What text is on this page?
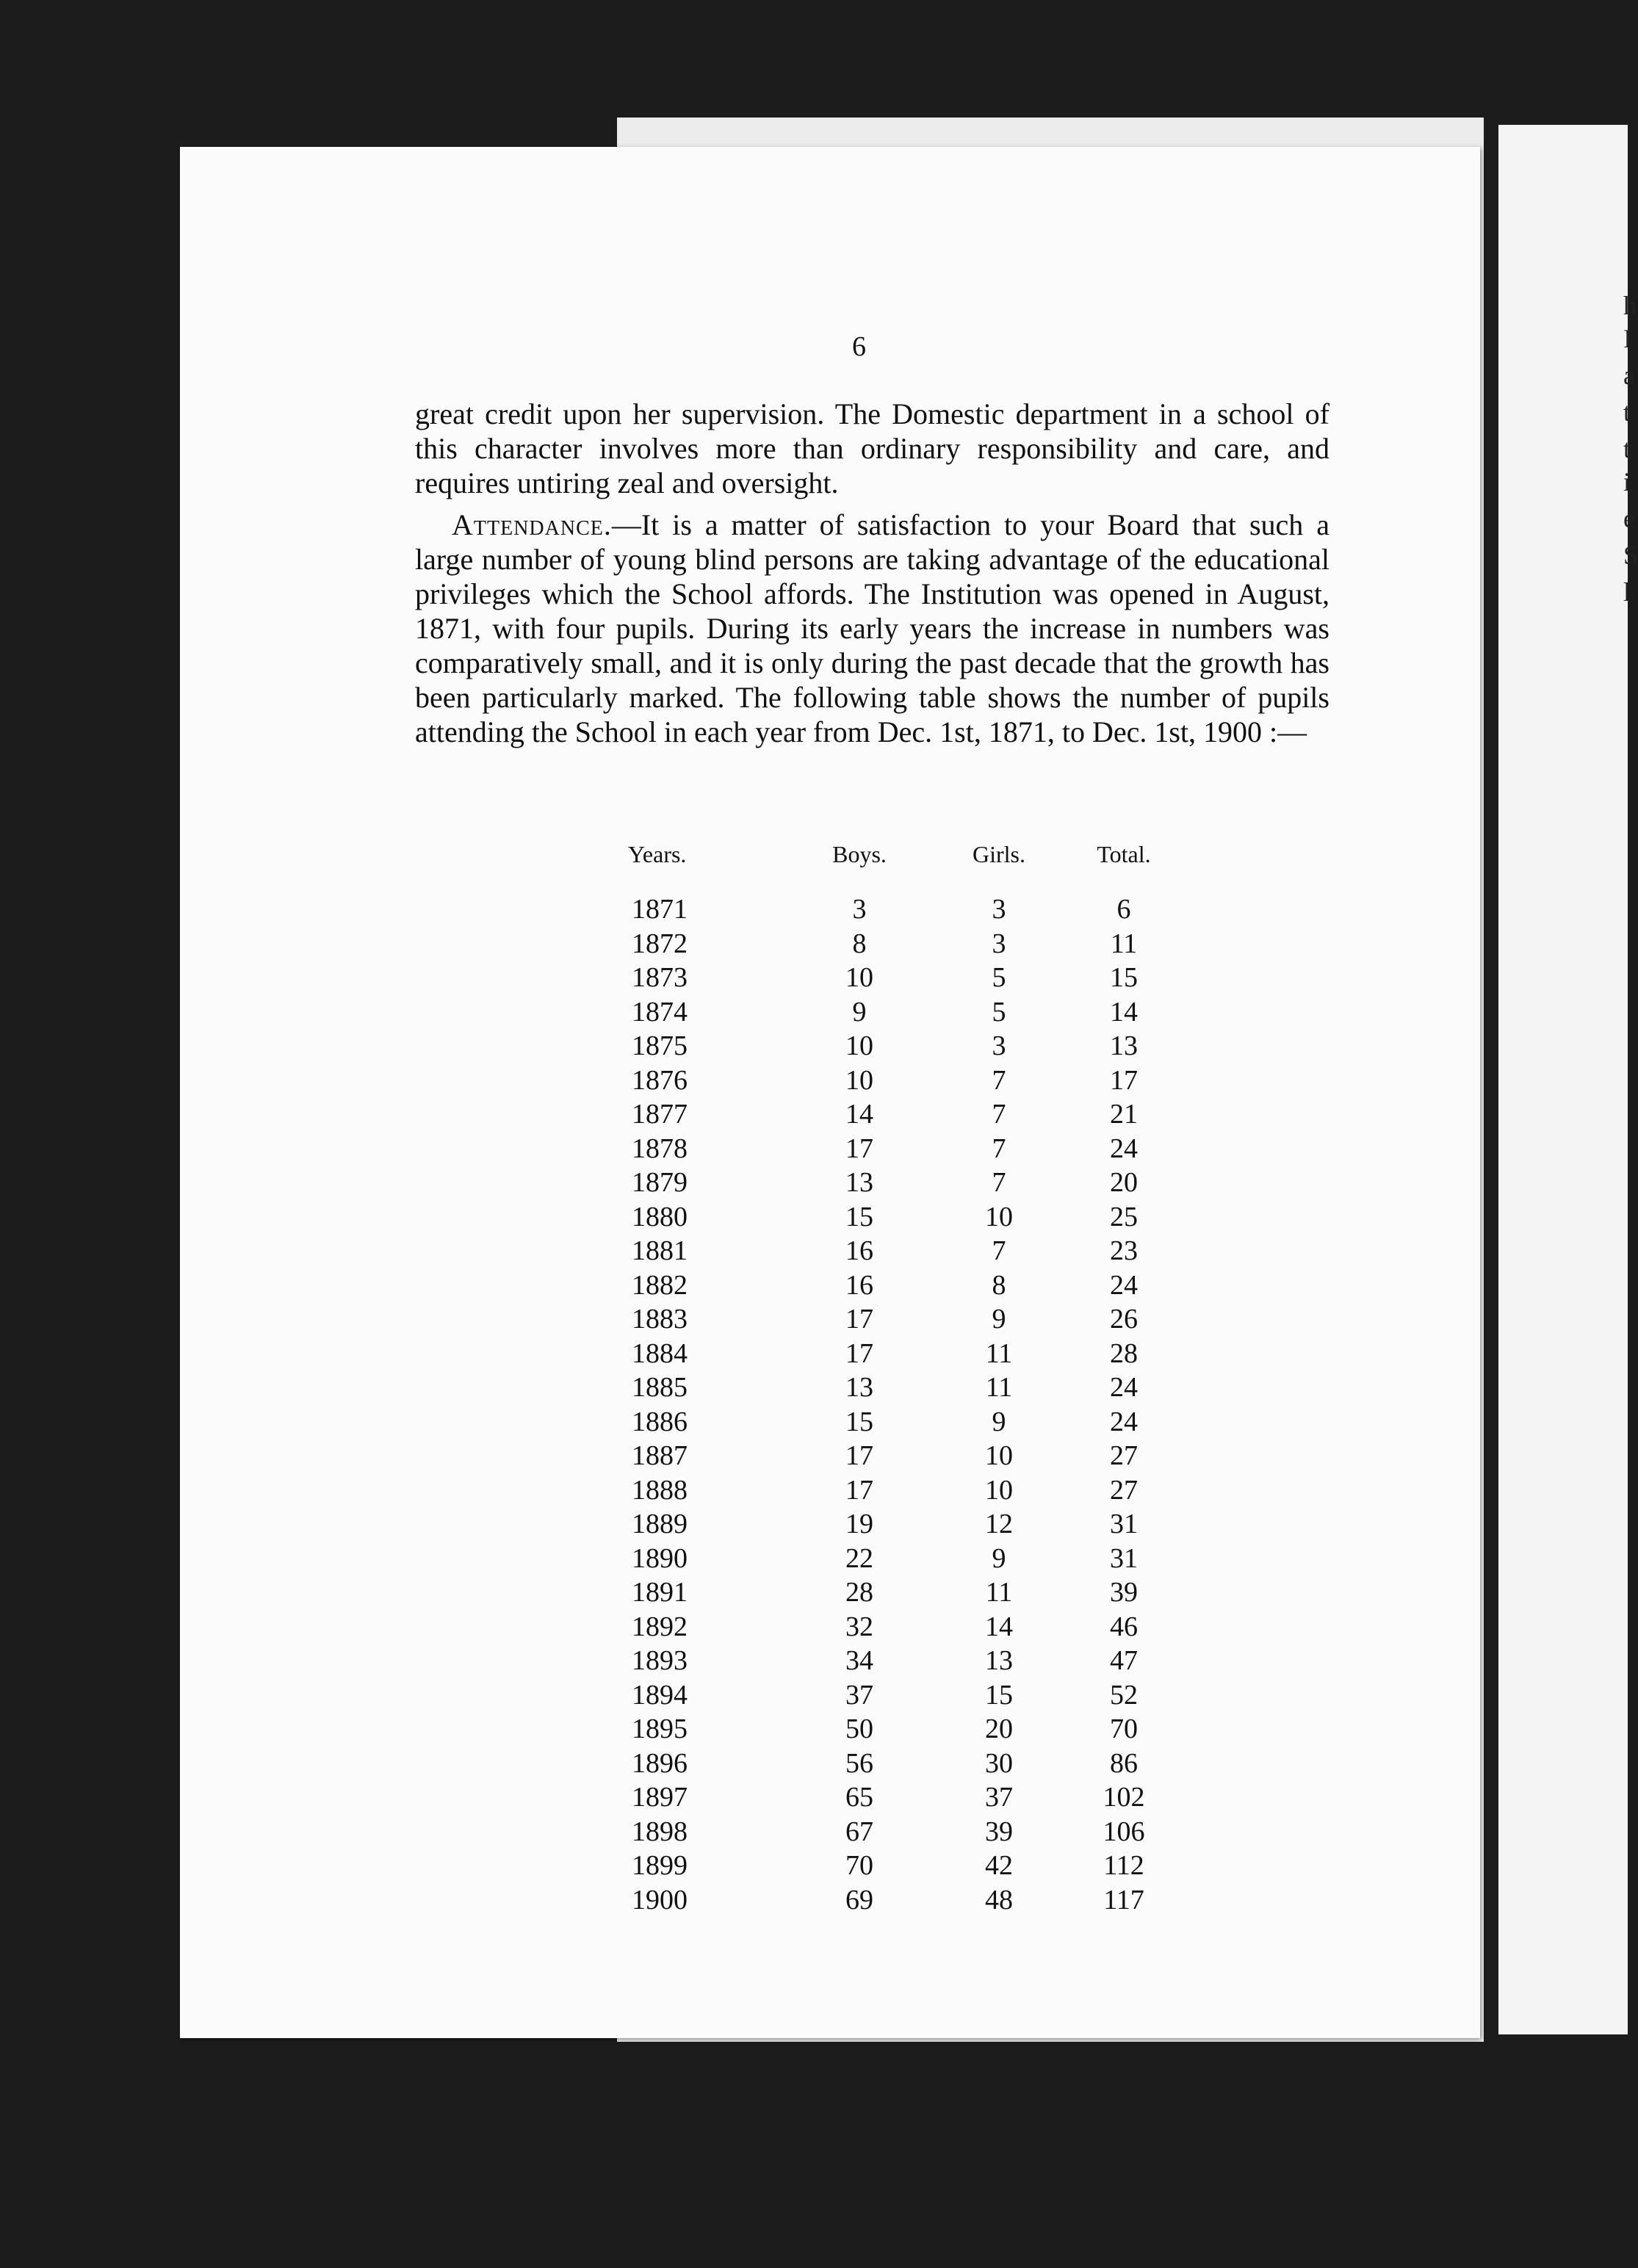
h
I
a
t
t
i
e
S
l
6

great credit upon her supervision. The Domestic department in a school of this character involves more than ordinary responsibility and care, and requires untiring zeal and oversight.

Attendance.—It is a matter of satisfaction to your Board that such a large number of young blind persons are taking advantage of the educational privileges which the School affords. The Institution was opened in August, 1871, with four pupils. During its early years the increase in numbers was comparatively small, and it is only during the past decade that the growth has been particularly marked. The following table shows the number of pupils attending the School in each year from Dec. 1st, 1871, to Dec. 1st, 1900 :—

Years.	Boys.	Girls.	Total.
1871	3	3	6
1872	8	3	11
1873	10	5	15
1874	9	5	14
1875	10	3	13
1876	10	7	17
1877	14	7	21
1878	17	7	24
1879	13	7	20
1880	15	10	25
1881	16	7	23
1882	16	8	24
1883	17	9	26
1884	17	11	28
1885	13	11	24
1886	15	9	24
1887	17	10	27
1888	17	10	27
1889	19	12	31
1890	22	9	31
1891	28	11	39
1892	32	14	46
1893	34	13	47
1894	37	15	52
1895	50	20	70
1896	56	30	86
1897	65	37	102
1898	67	39	106
1899	70	42	112
1900	69	48	117
